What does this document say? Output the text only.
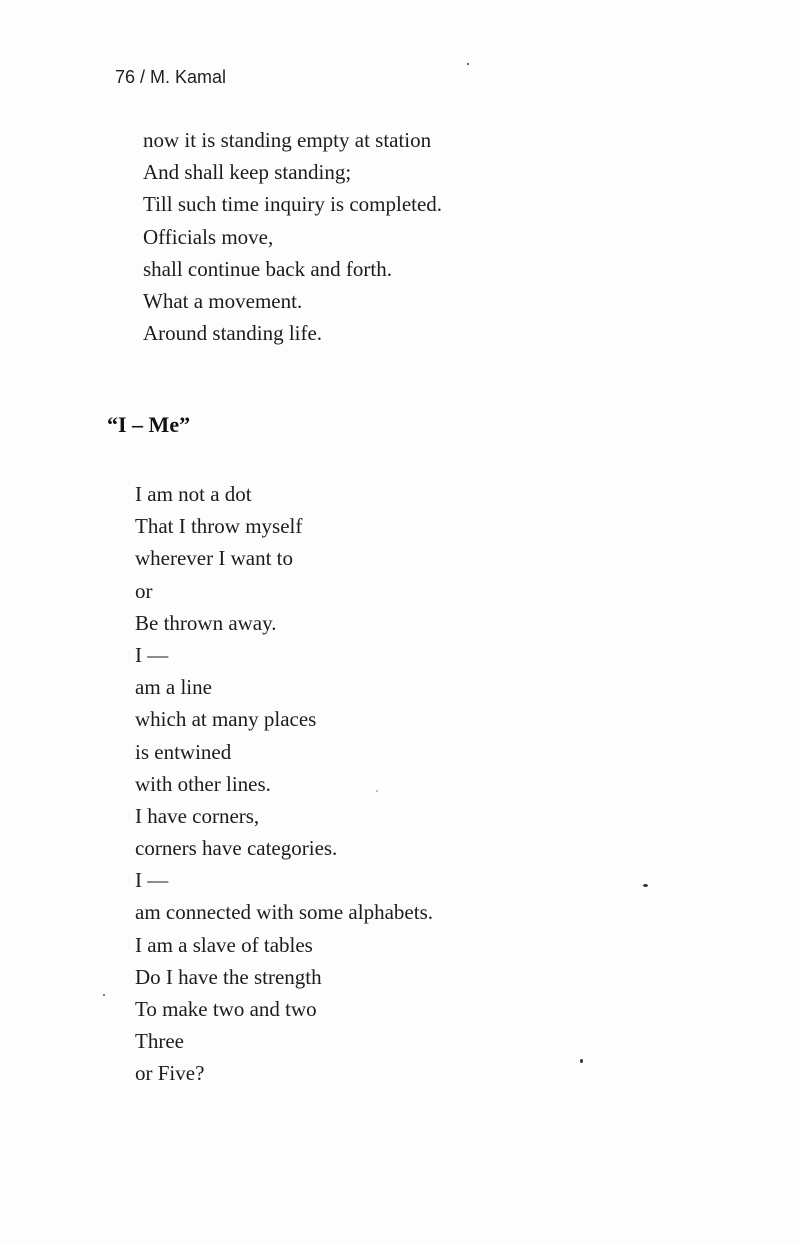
76 / M. Kamal
now it is standing empty at station
And shall keep standing;
Till such time inquiry is completed.
Officials move,
shall continue back and forth.
What a movement.
Around standing life.
“I – Me”
I am not a dot
That I throw myself
wherever I want to
or
Be thrown away.
I —
am a line
which at many places
is entwined
with other lines.
I have corners,
corners have categories.
I —
am connected with some alphabets.
I am a slave of tables
Do I have the strength
To make two and two
Three
or Five?
